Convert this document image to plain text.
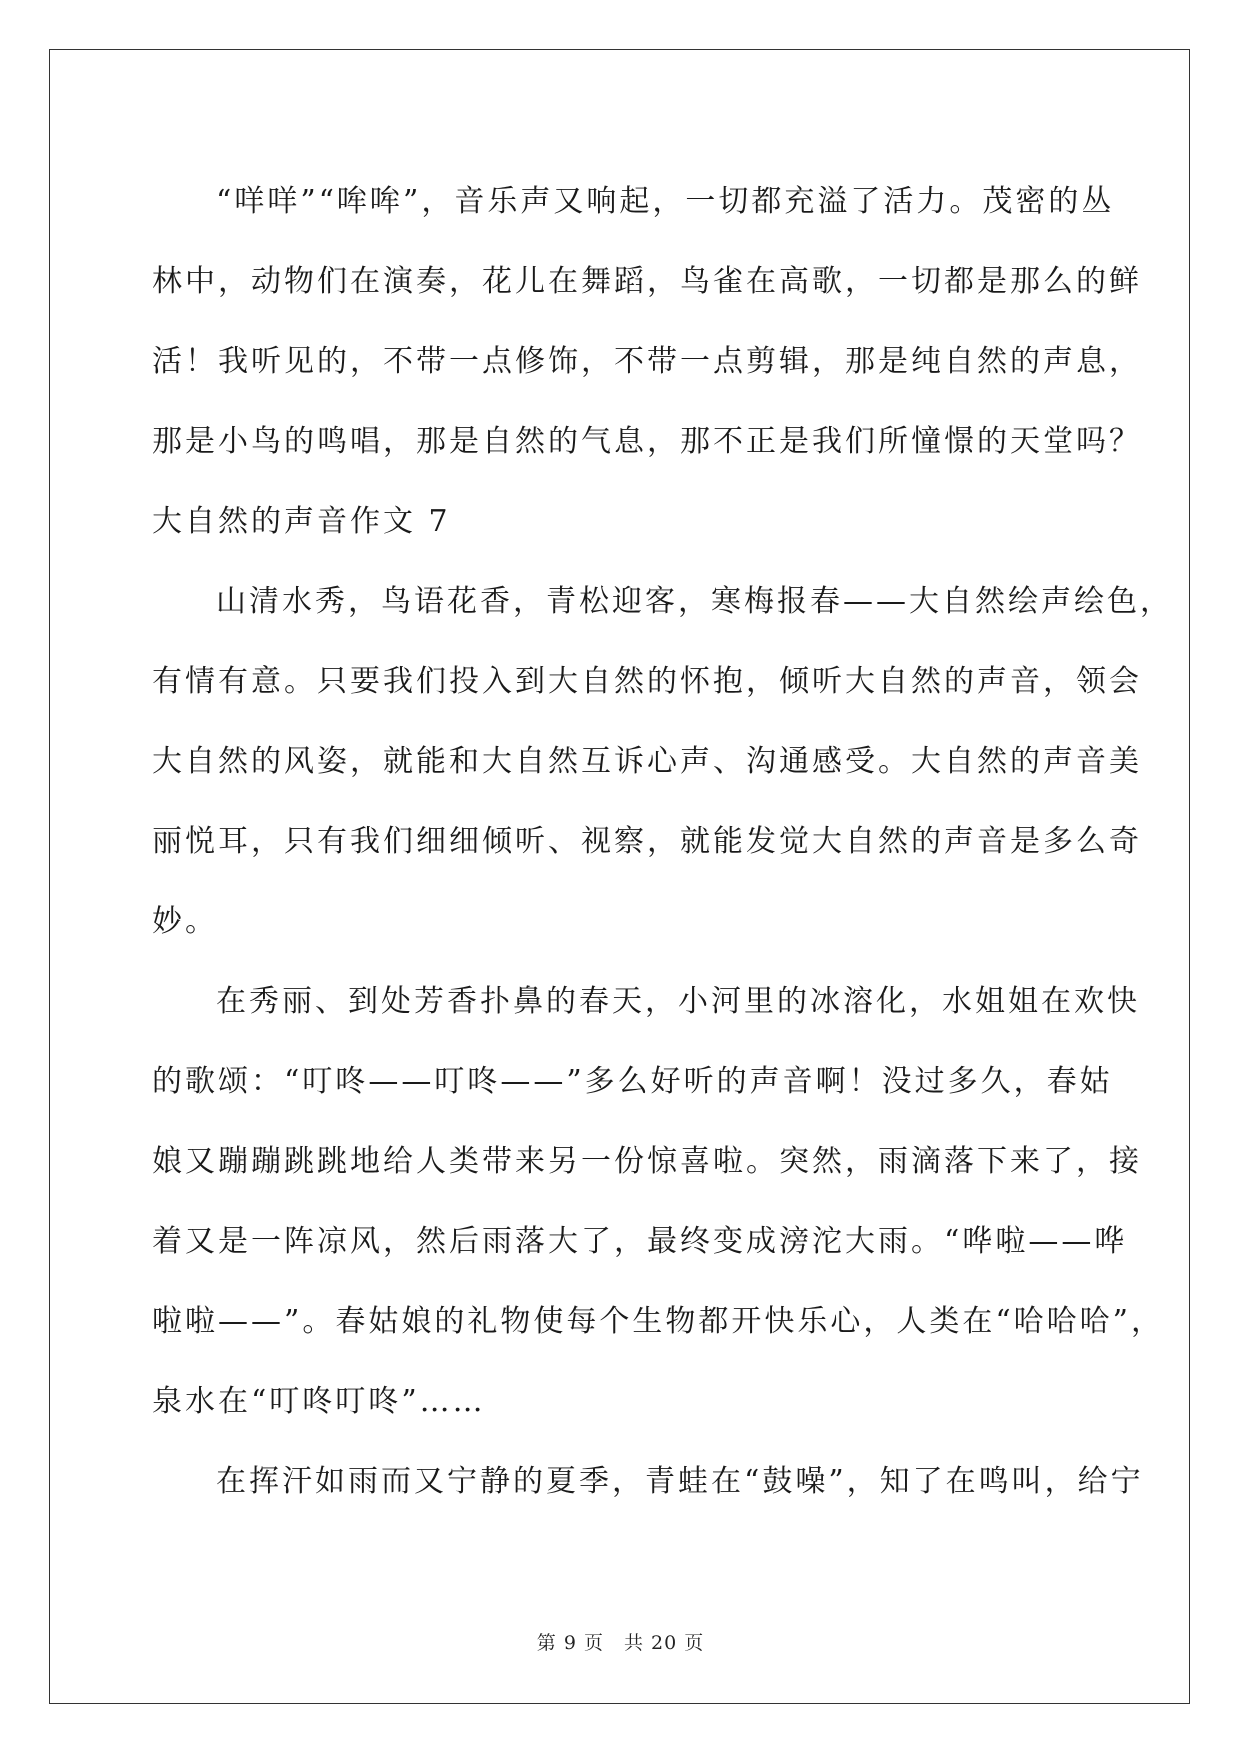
“咩咩”“哞哞”，音乐声又响起，一切都充溢了活力。茂密的丛
林中，动物们在演奏，花儿在舞蹈，鸟雀在高歌，一切都是那么的鲜
活！我听见的，不带一点修饰，不带一点剪辑，那是纯自然的声息，
那是小鸟的鸣唱，那是自然的气息，那不正是我们所憧憬的天堂吗？
大自然的声音作文 7
山清水秀，鸟语花香，青松迎客，寒梅报春——大自然绘声绘色，
有情有意。只要我们投入到大自然的怀抱，倾听大自然的声音，领会
大自然的风姿，就能和大自然互诉心声、沟通感受。大自然的声音美
丽悦耳，只有我们细细倾听、视察，就能发觉大自然的声音是多么奇
妙。
在秀丽、到处芳香扑鼻的春天，小河里的冰溶化，水姐姐在欢快
的歌颂：“叮咚——叮咚——”多么好听的声音啊！没过多久，春姑
娘又蹦蹦跳跳地给人类带来另一份惊喜啦。突然，雨滴落下来了，接
着又是一阵凉风，然后雨落大了，最终变成滂沱大雨。“哗啦——哗
啦啦——”。春姑娘的礼物使每个生物都开快乐心，人类在“哈哈哈”，
泉水在“叮咚叮咚”……
在挥汗如雨而又宁静的夏季，青蛙在“鼓噪”，知了在鸣叫，给宁
第 9 页　共 20 页
